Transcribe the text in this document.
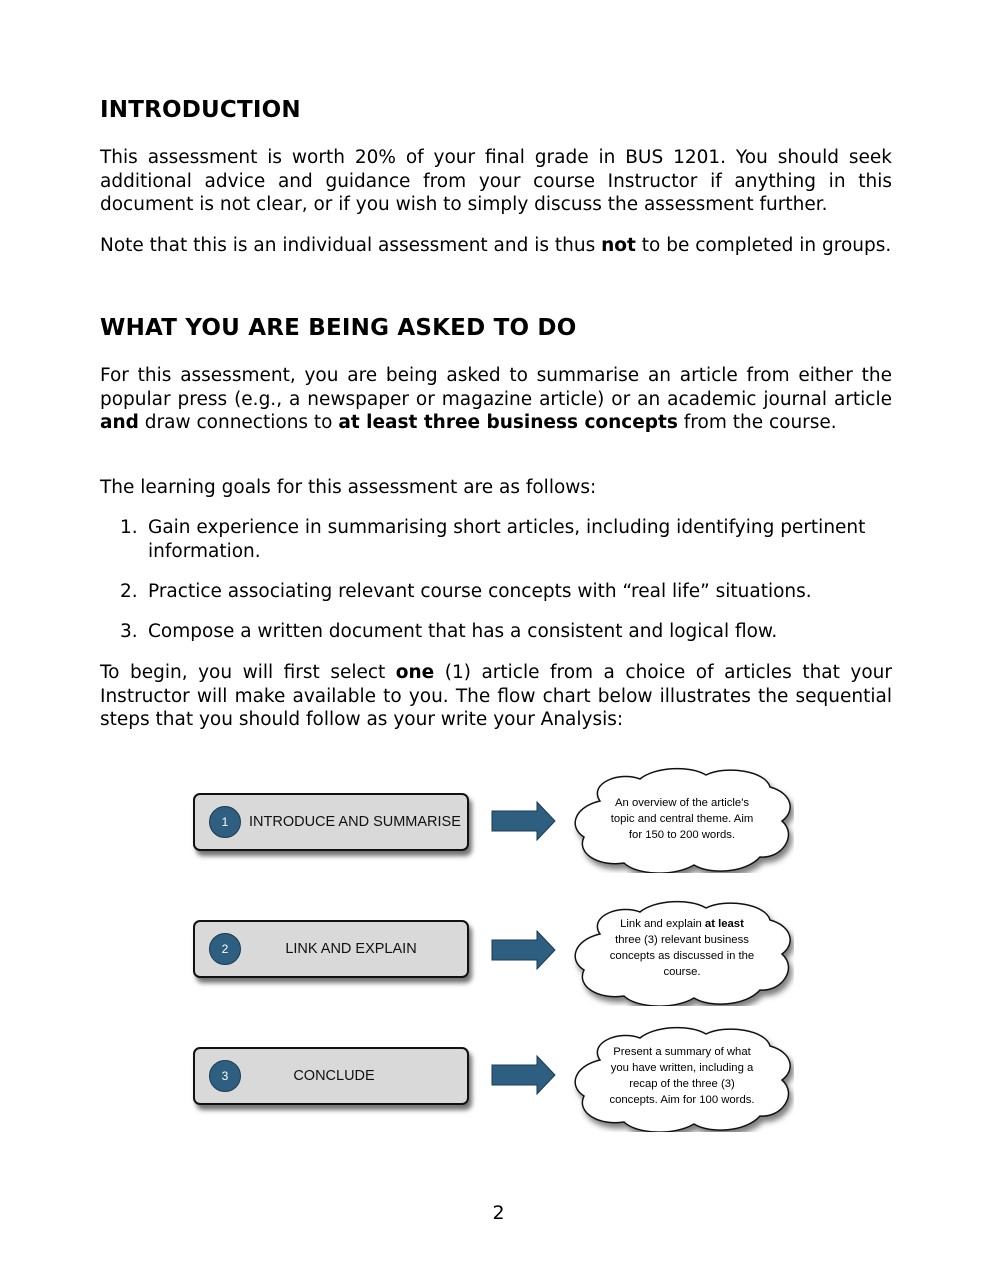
INTRODUCTION

This assessment is worth 20% of your final grade in BUS 1201. You should seek additional advice and guidance from your course Instructor if anything in this document is not clear, or if you wish to simply discuss the assessment further.

Note that this is an individual assessment and is thus not to be completed in groups.

WHAT YOU ARE BEING ASKED TO DO

For this assessment, you are being asked to summarise an article from either the popular press (e.g., a newspaper or magazine article) or an academic journal article and draw connections to at least three business concepts from the course.

The learning goals for this assessment are as follows:

1. Gain experience in summarising short articles, including identifying pertinent information.
2. Practice associating relevant course concepts with “real life” situations.
3. Compose a written document that has a consistent and logical flow.

To begin, you will first select one (1) article from a choice of articles that your Instructor will make available to you. The flow chart below illustrates the sequential steps that you should follow as your write your Analysis:

1	INTRODUCE AND SUMMARISE
An overview of the article's
topic and central theme. Aim
for 150 to 200 words.
2	LINK AND EXPLAIN
Link and explain at least
three (3) relevant business
concepts as discussed in the
course.
3	CONCLUDE
Present a summary of what
you have written, including a
recap of the three (3)
concepts. Aim for 100 words.
2
